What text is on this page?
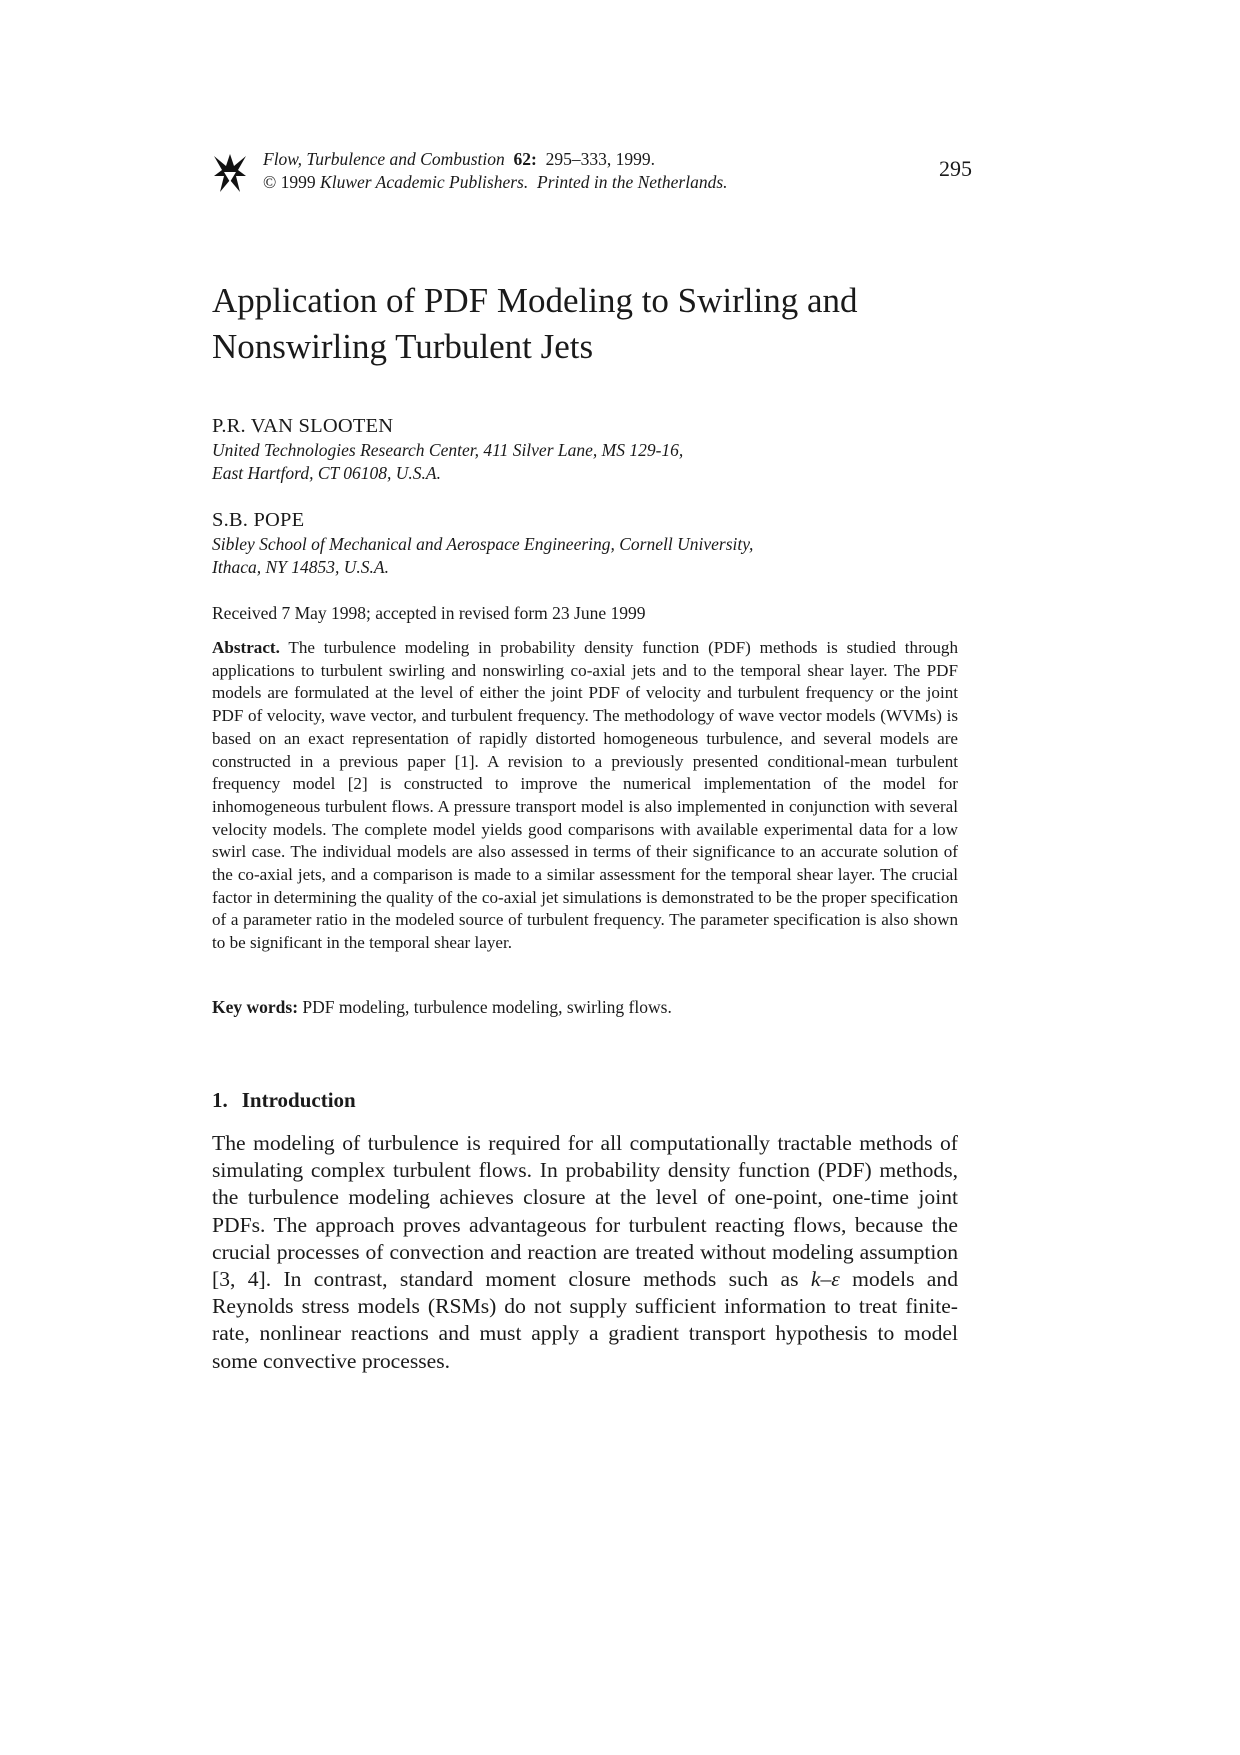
Flow, Turbulence and Combustion 62: 295–333, 1999.
© 1999 Kluwer Academic Publishers. Printed in the Netherlands.
295
Application of PDF Modeling to Swirling and
Nonswirling Turbulent Jets
P.R. VAN SLOOTEN
United Technologies Research Center, 411 Silver Lane, MS 129-16,
East Hartford, CT 06108, U.S.A.
S.B. POPE
Sibley School of Mechanical and Aerospace Engineering, Cornell University,
Ithaca, NY 14853, U.S.A.
Received 7 May 1998; accepted in revised form 23 June 1999
Abstract. The turbulence modeling in probability density function (PDF) methods is studied through applications to turbulent swirling and nonswirling co-axial jets and to the temporal shear layer. The PDF models are formulated at the level of either the joint PDF of velocity and turbulent frequency or the joint PDF of velocity, wave vector, and turbulent frequency. The methodology of wave vector models (WVMs) is based on an exact representation of rapidly distorted homogeneous turbulence, and several models are constructed in a previous paper [1]. A revision to a previously presented conditional-mean turbulent frequency model [2] is constructed to improve the numerical implementation of the model for inhomogeneous turbulent flows. A pressure transport model is also implemented in conjunction with several velocity models. The complete model yields good comparisons with available experimental data for a low swirl case. The individual models are also assessed in terms of their significance to an accurate solution of the co-axial jets, and a comparison is made to a similar assessment for the temporal shear layer. The crucial factor in determining the quality of the co-axial jet simulations is demonstrated to be the proper specification of a parameter ratio in the modeled source of turbulent frequency. The parameter specification is also shown to be significant in the temporal shear layer.
Key words: PDF modeling, turbulence modeling, swirling flows.
1. Introduction
The modeling of turbulence is required for all computationally tractable methods of simulating complex turbulent flows. In probability density function (PDF) methods, the turbulence modeling achieves closure at the level of one-point, one-time joint PDFs. The approach proves advantageous for turbulent reacting flows, because the crucial processes of convection and reaction are treated without modeling assumption [3, 4]. In contrast, standard moment closure methods such as k–ε models and Reynolds stress models (RSMs) do not supply sufficient information to treat finite-rate, nonlinear reactions and must apply a gradient transport hypothesis to model some convective processes.
